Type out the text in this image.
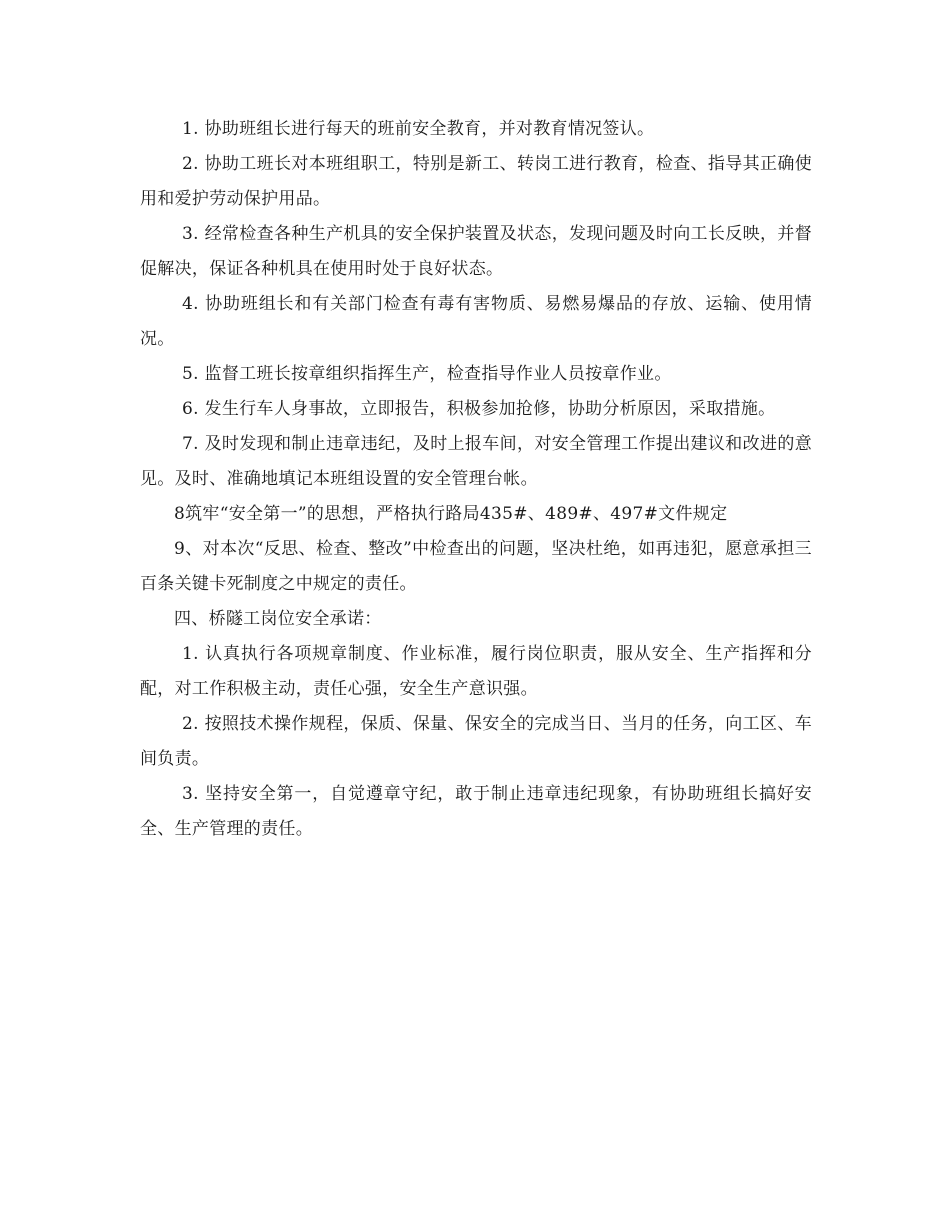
1. 协助班组长进行每天的班前安全教育，并对教育情况签认。

2. 协助工班长对本班组职工，特别是新工、转岗工进行教育，检查、指导其正确使用和爱护劳动保护用品。

3. 经常检查各种生产机具的安全保护装置及状态，发现问题及时向工长反映，并督促解决，保证各种机具在使用时处于良好状态。

4. 协助班组长和有关部门检查有毒有害物质、易燃易爆品的存放、运输、使用情况。

5. 监督工班长按章组织指挥生产，检查指导作业人员按章作业。

6. 发生行车人身事故，立即报告，积极参加抢修，协助分析原因，采取措施。

7. 及时发现和制止违章违纪，及时上报车间，对安全管理工作提出建议和改进的意见。及时、准确地填记本班组设置的安全管理台帐。

8筑牢“安全第一”的思想，严格执行路局435#、489#、497#文件规定

9、对本次“反思、检查、整改”中检查出的问题，坚决杜绝，如再违犯，愿意承担三百条关键卡死制度之中规定的责任。

四、桥隧工岗位安全承诺：

1. 认真执行各项规章制度、作业标准，履行岗位职责，服从安全、生产指挥和分配，对工作积极主动，责任心强，安全生产意识强。

2. 按照技术操作规程，保质、保量、保安全的完成当日、当月的任务，向工区、车间负责。

3. 坚持安全第一，自觉遵章守纪，敢于制止违章违纪现象，有协助班组长搞好安全、生产管理的责任。
